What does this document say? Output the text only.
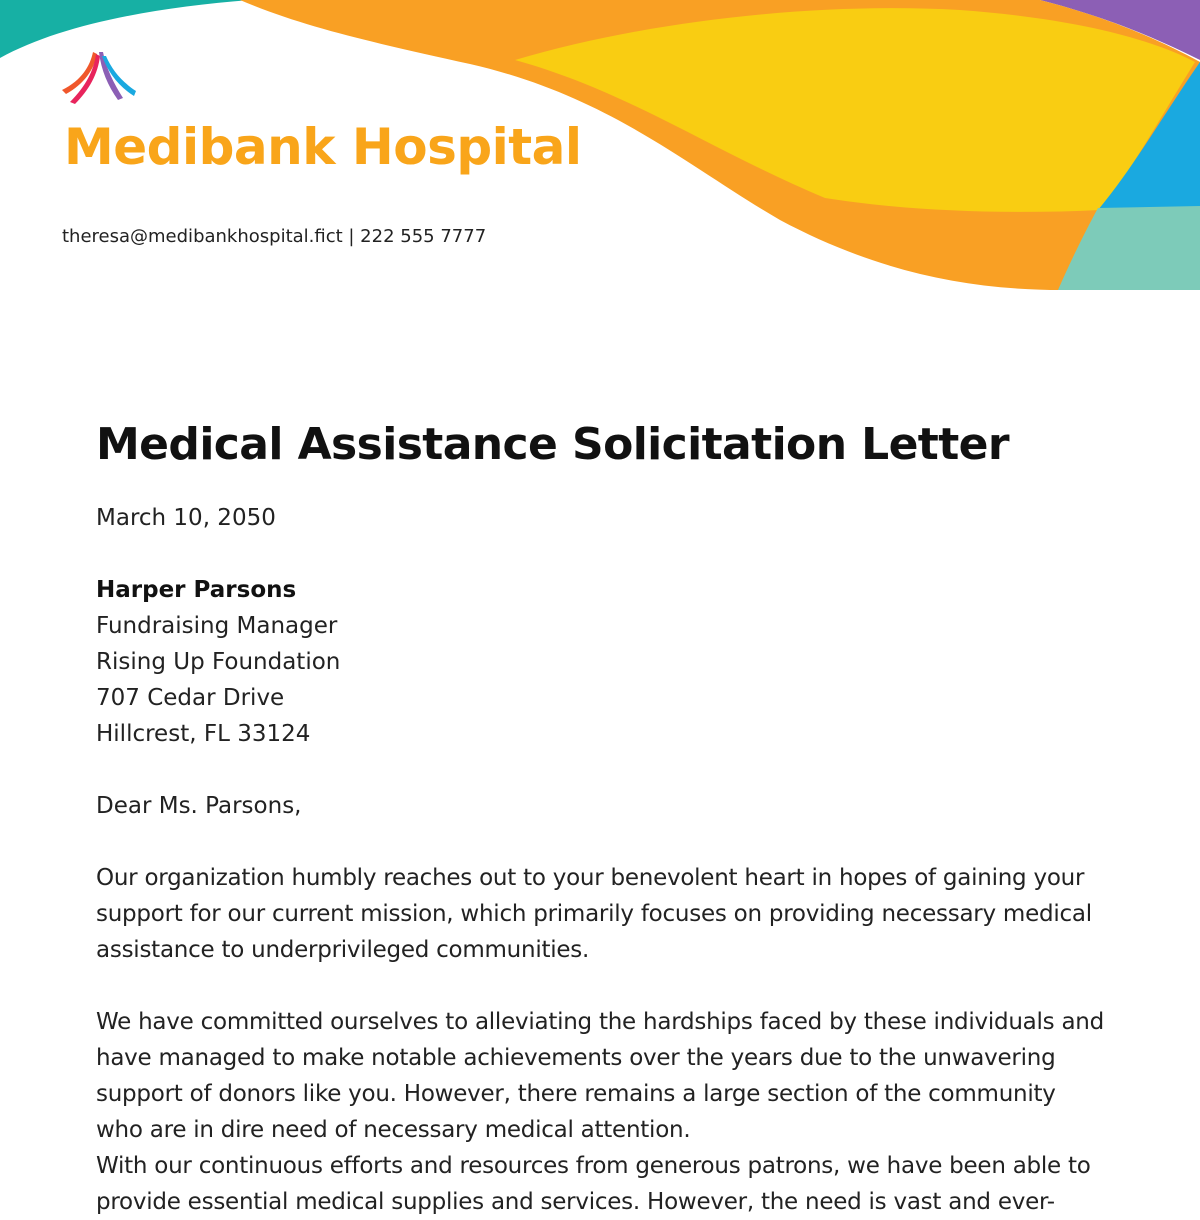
Medibank Hospital
theresa@medibankhospital.fict | 222 555 7777
Medical Assistance Solicitation Letter

March 10, 2050

Harper Parsons

Fundraising Manager

Rising Up Foundation

707 Cedar Drive

Hillcrest, FL 33124

Dear Ms. Parsons,

Our organization humbly reaches out to your benevolent heart in hopes of gaining your support for our current mission, which primarily focuses on providing necessary medical assistance to underprivileged communities.

We have committed ourselves to alleviating the hardships faced by these individuals and have managed to make notable achievements over the years due to the unwavering support of donors like you. However, there remains a large section of the community who are in dire need of necessary medical attention.

With our continuous efforts and resources from generous patrons, we have been able to provide essential medical supplies and services. However, the need is vast and ever-
